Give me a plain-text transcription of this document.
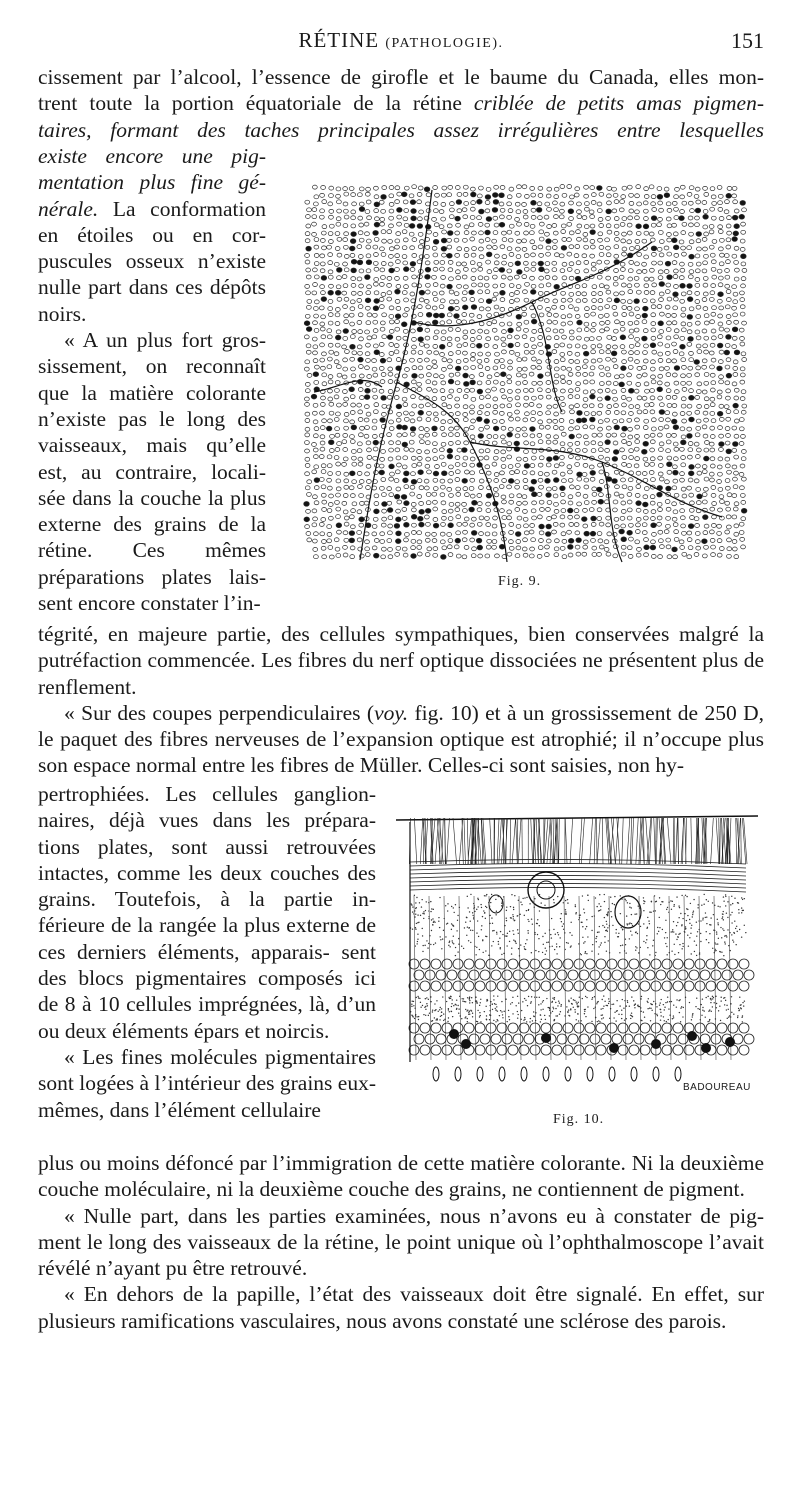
RÉTINE (PATHOLOGIE).	151

cissement par l’alcool, l’essence de girofle et le baume du Canada, elles mon-

trent toute la portion équatoriale de la rétine criblée de petits amas pigmen-

taires, formant des taches principales assez irrégulières entre lesquelles

existe encore une pig- mentation plus fine gé- nérale. La conformation en étoiles ou en cor- puscules osseux n’existe nulle part dans ces dépôts noirs.

« A un plus fort gros- sissement, on reconnaît que la matière colorante n’existe pas le long des vaisseaux, mais qu’elle est, au contraire, locali- sée dans la couche la plus externe des grains de la rétine. Ces mêmes préparations plates lais- sent encore constater l’in-

Fig. 9.

tégrité, en majeure partie, des cellules sympathiques, bien conservées malgré la putréfaction commencée. Les fibres du nerf optique dissociées ne présentent plus de renflement.

« Sur des coupes perpendiculaires (voy. fig. 10) et à un grossissement de 250 D, le paquet des fibres nerveuses de l’expansion optique est atrophié; il n’occupe plus son espace normal entre les fibres de Müller. Celles-ci sont saisies, non hy-

pertrophiées. Les cellules ganglion- naires, déjà vues dans les prépara- tions plates, sont aussi retrouvées intactes, comme les deux couches des grains. Toutefois, à la partie in- férieure de la rangée la plus externe de ces derniers éléments, apparais- sent des blocs pigmentaires composés ici de 8 à 10 cellules imprégnées, là, d’un ou deux éléments épars et noircis.

« Les fines molécules pigmentaires sont logées à l’intérieur des grains eux-mêmes, dans l’élément cellulaire

BADOUREAU
Fig. 10.

plus ou moins défoncé par l’immigration de cette matière colorante. Ni la deuxième couche moléculaire, ni la deuxième couche des grains, ne contiennent de pigment.

« Nulle part, dans les parties examinées, nous n’avons eu à constater de pig- ment le long des vaisseaux de la rétine, le point unique où l’ophthalmoscope l’avait révélé n’ayant pu être retrouvé.

« En dehors de la papille, l’état des vaisseaux doit être signalé. En effet, sur plusieurs ramifications vasculaires, nous avons constaté une sclérose des parois.
